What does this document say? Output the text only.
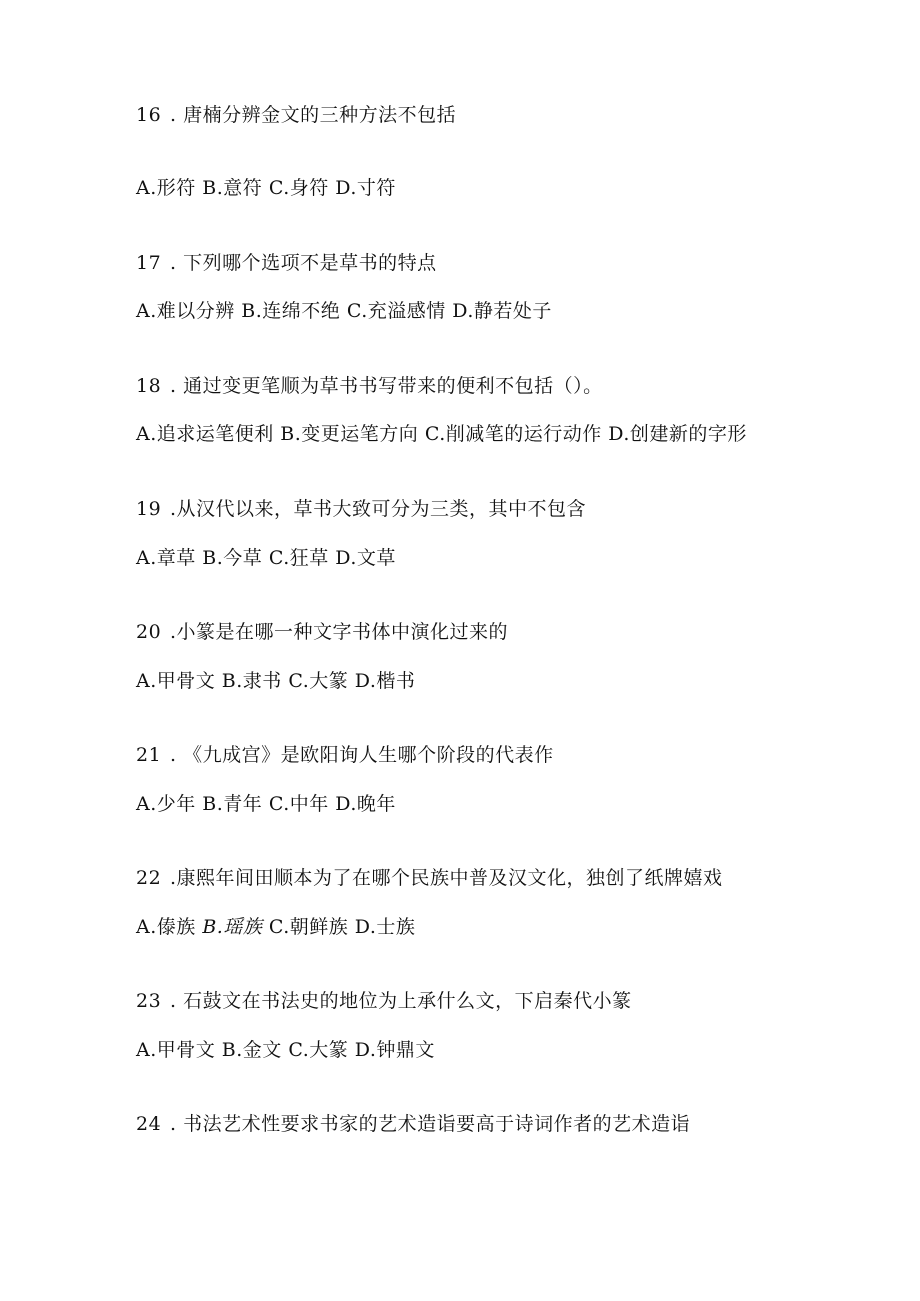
16 . 唐楠分辨金文的三种方法不包括
A.形符 B.意符 C.身符 D.寸符
17 . 下列哪个选项不是草书的特点
A.难以分辨 B.连绵不绝 C.充溢感情 D.静若处子
18 . 通过变更笔顺为草书书写带来的便利不包括（）。
A.追求运笔便利 B.变更运笔方向 C.削减笔的运行动作 D.创建新的字形
19 .从汉代以来，草书大致可分为三类，其中不包含
A.章草 B.今草 C.狂草 D.文草
20 .小篆是在哪一种文字书体中演化过来的
A.甲骨文 B.隶书 C.大篆 D.楷书
21 . 《九成宫》是欧阳询人生哪个阶段的代表作
A.少年 B.青年 C.中年 D.晚年
22 .康熙年间田顺本为了在哪个民族中普及汉文化，独创了纸牌嬉戏
A.傣族 B.瑶族 C.朝鲜族 D.士族
23 . 石鼓文在书法史的地位为上承什么文，下启秦代小篆
A.甲骨文 B.金文 C.大篆 D.钟鼎文
24 . 书法艺术性要求书家的艺术造诣要高于诗词作者的艺术造诣
